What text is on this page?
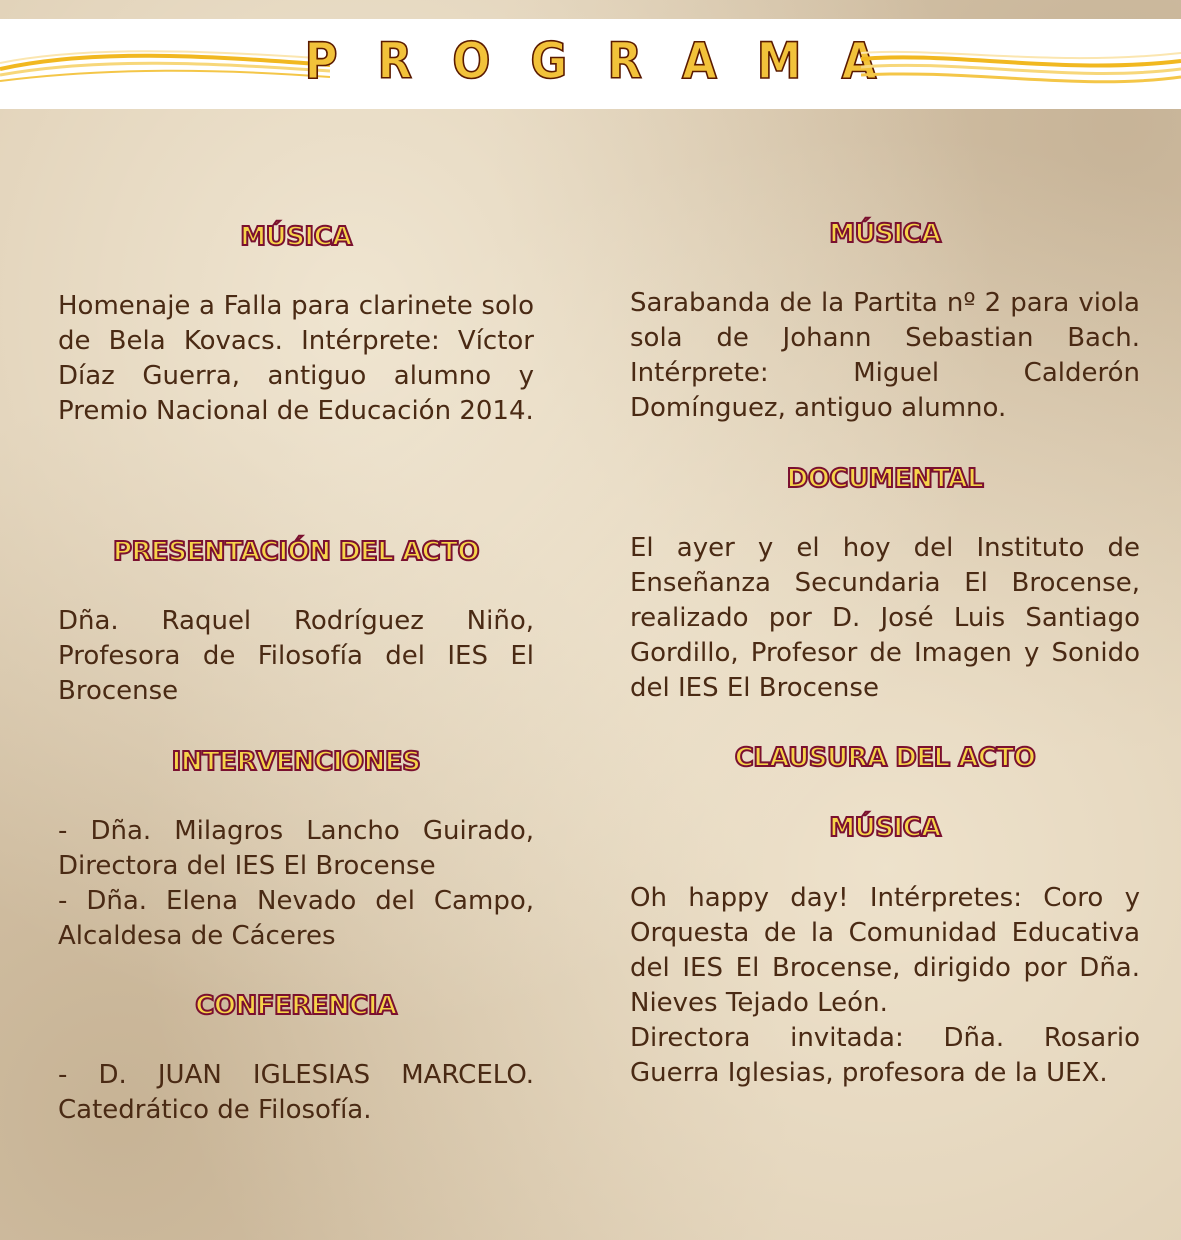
PROGRAMA
MÚSICA
Homenaje a Falla para clarinete solo de Bela Kovacs. Intérprete: Víctor Díaz Guerra, antiguo alumno y Premio Nacional de Educación 2014.
PRESENTACIÓN DEL ACTO
Dña. Raquel Rodríguez Niño, Profesora de Filosofía del IES El Brocense
INTERVENCIONES
- Dña. Milagros Lancho Guirado, Directora del IES El Brocense
- Dña. Elena Nevado del Campo, Alcaldesa de Cáceres
CONFERENCIA
- D. JUAN IGLESIAS MARCELO. Catedrático de Filosofía.
MÚSICA
Sarabanda de la Partita nº 2 para viola sola de Johann Sebastian Bach. Intérprete: Miguel Calderón Domínguez, antiguo alumno.
DOCUMENTAL
El ayer y el hoy del Instituto de Enseñanza Secundaria El Brocense, realizado por D. José Luis Santiago Gordillo, Profesor de Imagen y Sonido del IES El Brocense
CLAUSURA DEL ACTO
MÚSICA
Oh happy day! Intérpretes: Coro y Orquesta de la Comunidad Educativa del IES El Brocense, dirigido por Dña. Nieves Tejado León.
Directora invitada: Dña. Rosario Guerra Iglesias, profesora de la UEX.
